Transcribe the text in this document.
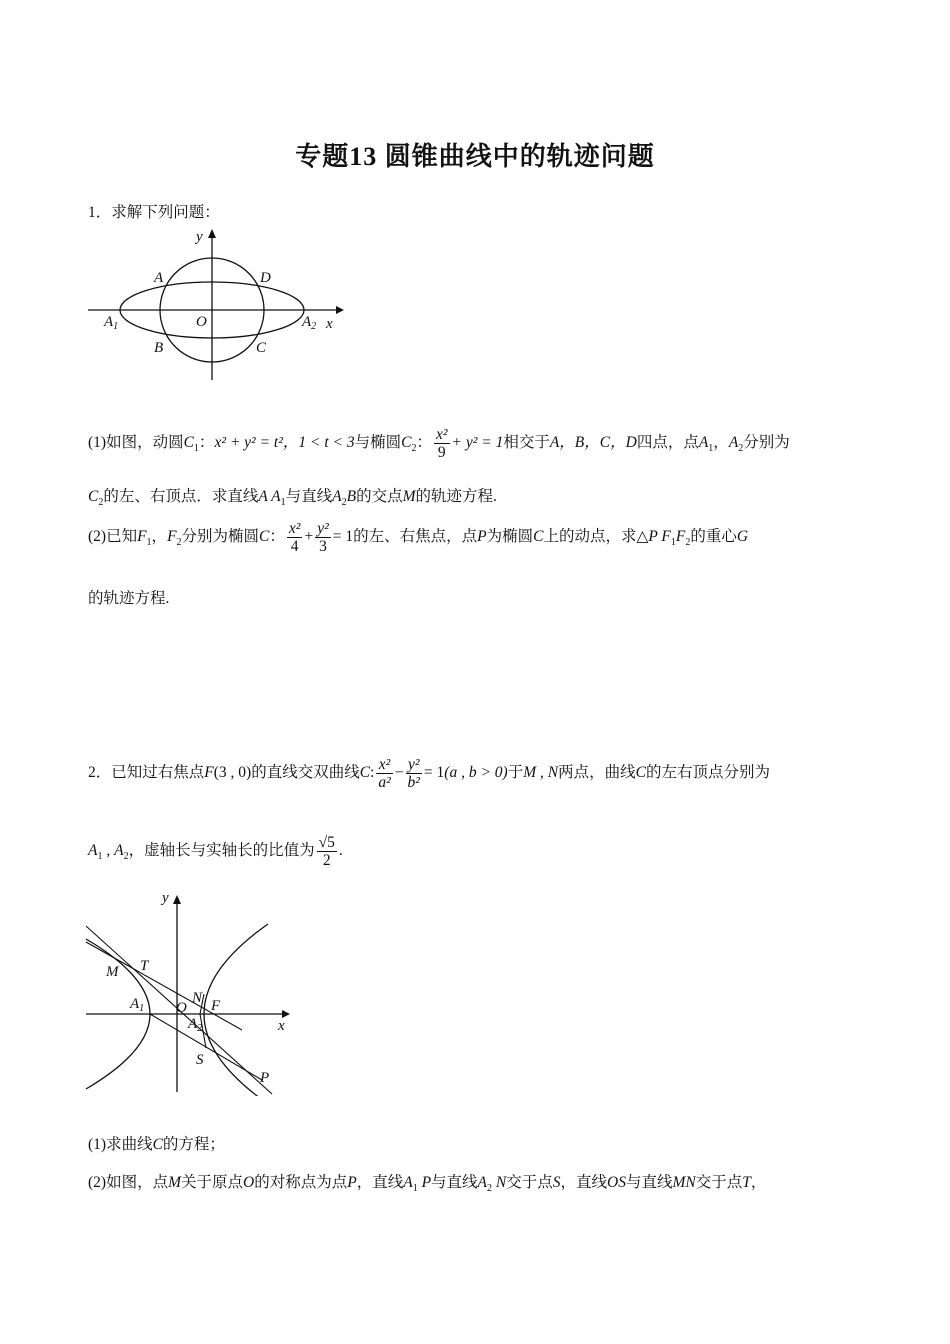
专题13 圆锥曲线中的轨迹问题
1．求解下列问题：
y
x
O
A	D
B	C
$A_1$	$A_2$
(1)如图，动圆$C_1$：x² + y² = t²，1 < t < 3与椭圆$C_2$： $\frac{\text{x²}}{9} + y^2 = 1$相交于A，B，C，D四点，点$A_1$，$A_2$分别为
$C_2$的左、右顶点．求直线A $A_1$与直线$A_2B$的交点M的轨迹方程.
(2)已知$F_1$，$F_2$分别为椭圆C： $\frac{\text{x²}}{4} + \frac{\text{y²}}{3} = 1$的左、右焦点，点P为椭圆C上的动点，求△P $F_1F_2$的重心G
的轨迹方程.
2．已知过右焦点F(3 , 0)的直线交双曲线C: $\frac{\text{x²}}{\text{a²}} - \frac{\text{y²}}{\text{b²}} = 1(a$ , b > 0)于M , N两点，曲线C的左右顶点分别为
$A_1$ , $A_2$，虚轴长与实轴长的比值为 $\frac{√5}{2}$ .
y
x
M T
N F
$A_1$ O
$A_2$
S
P
(1)求曲线C的方程；
(2)如图，点M关于原点O的对称点为点P，直线$A_1$ P与直线$A_2$ N交于点S，直线OS与直线MN交于点T，
